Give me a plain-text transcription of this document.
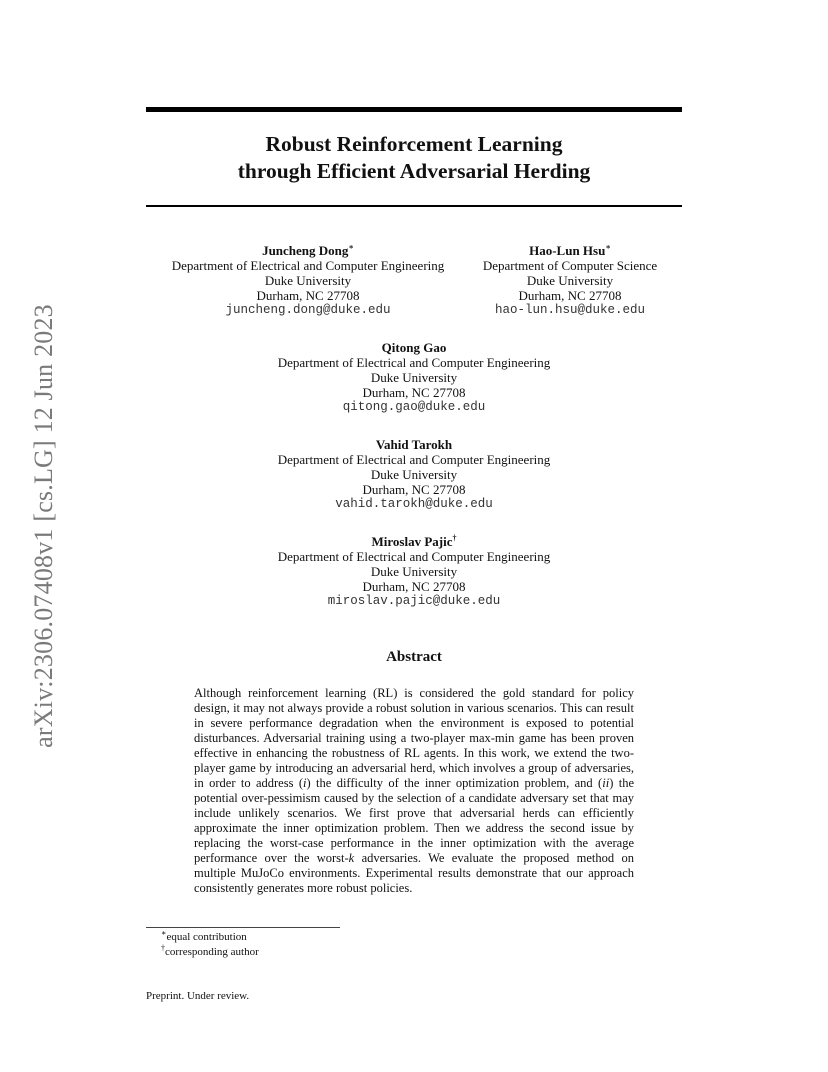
arXiv:2306.07408v1 [cs.LG] 12 Jun 2023
Robust Reinforcement Learning
through Efficient Adversarial Herding
Juncheng Dong∗
Department of Electrical and Computer Engineering
Duke University
Durham, NC 27708
juncheng.dong@duke.edu
Hao-Lun Hsu∗
Department of Computer Science
Duke University
Durham, NC 27708
hao-lun.hsu@duke.edu
Qitong Gao
Department of Electrical and Computer Engineering
Duke University
Durham, NC 27708
qitong.gao@duke.edu
Vahid Tarokh
Department of Electrical and Computer Engineering
Duke University
Durham, NC 27708
vahid.tarokh@duke.edu
Miroslav Pajic†
Department of Electrical and Computer Engineering
Duke University
Durham, NC 27708
miroslav.pajic@duke.edu
Abstract
Although reinforcement learning (RL) is considered the gold standard for policy design, it may not always provide a robust solution in various scenarios. This can result in severe performance degradation when the environment is exposed to potential disturbances. Adversarial training using a two-player max-min game has been proven effective in enhancing the robustness of RL agents. In this work, we extend the two-player game by introducing an adversarial herd, which involves a group of adversaries, in order to address (i) the difficulty of the inner optimization problem, and (ii) the potential over-pessimism caused by the selection of a candidate adversary set that may include unlikely scenarios. We first prove that adversarial herds can efficiently approximate the inner optimization problem. Then we address the second issue by replacing the worst-case performance in the inner optimization with the average performance over the worst-k adversaries. We evaluate the proposed method on multiple MuJoCo environments. Experimental results demonstrate that our approach consistently generates more robust policies.
∗equal contribution
†corresponding author
Preprint. Under review.
